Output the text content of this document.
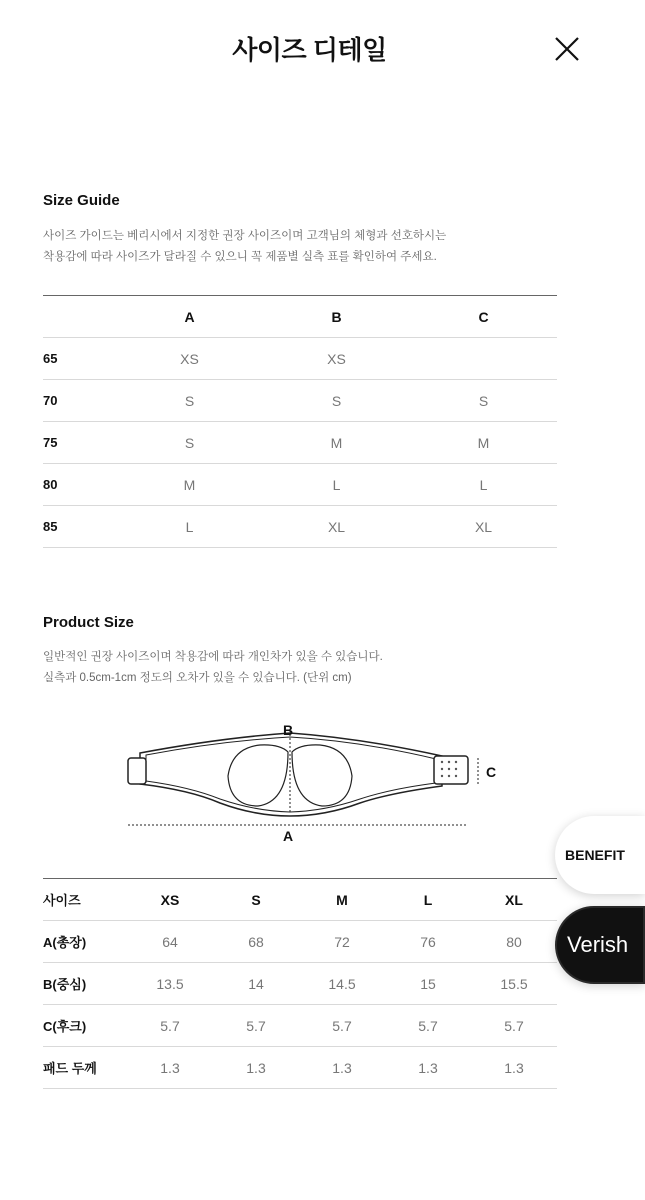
사이즈 디테일
Size Guide
사이즈 가이드는 베리시에서 지정한 권장 사이즈이며 고객님의 체형과 선호하시는
착용감에 따라 사이즈가 달라질 수 있으니 꼭 제품별 실측 표를 확인하여 주세요.
	A	B	C
65	XS	XS	
70	S	S	S
75	S	M	M
80	M	L	L
85	L	XL	XL
Product Size
일반적인 권장 사이즈이며 착용감에 따라 개인차가 있을 수 있습니다.
실측과 0.5cm-1cm 정도의 오차가 있을 수 있습니다. (단위 cm)
B
C
A
사이즈	XS	S	M	L	XL
A(총장)	64	68	72	76	80
B(중심)	13.5	14	14.5	15	15.5
C(후크)	5.7	5.7	5.7	5.7	5.7
패드 두께	1.3	1.3	1.3	1.3	1.3
BENEFIT
Verish
